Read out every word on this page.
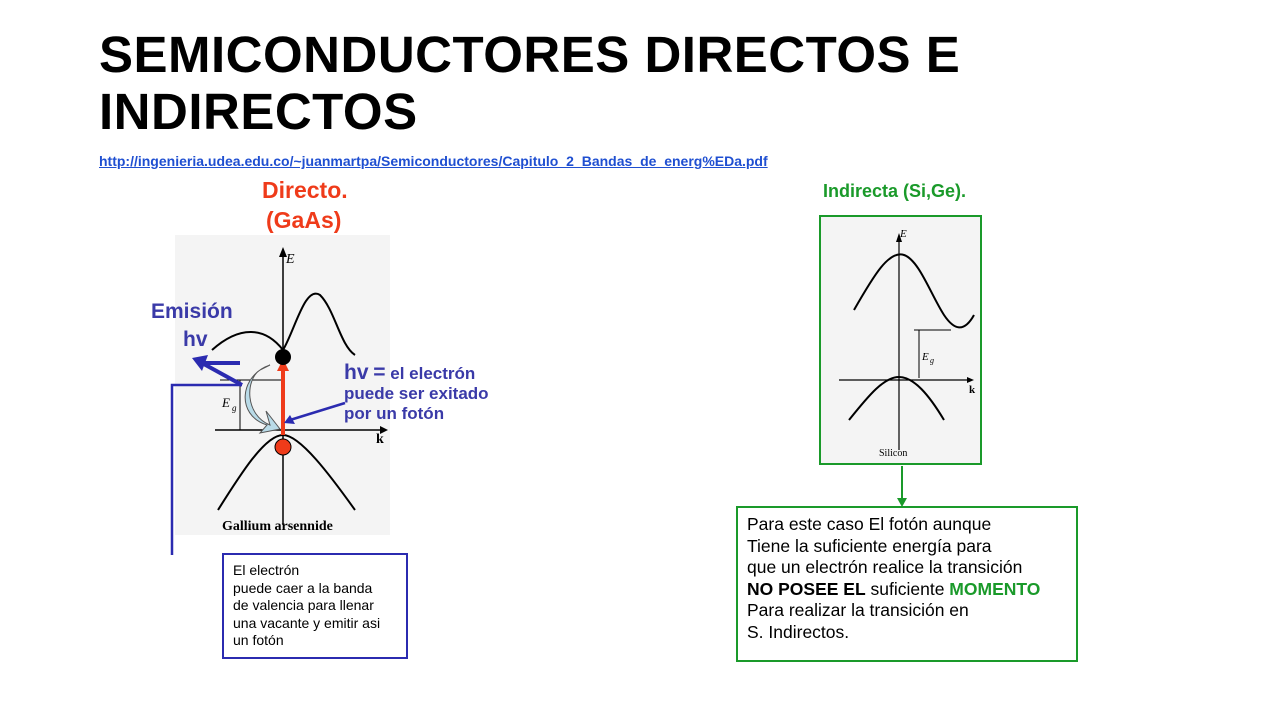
SEMICONDUCTORES DIRECTOS E INDIRECTOS
http://ingenieria.udea.edu.co/~juanmartpa/Semiconductores/Capitulo_2_Bandas_de_energ%EDa.pdf
Directo.
(GaAs)
E
k
E g
Gallium arsennide
Emisión
hv
hv = el electrón
puede ser exitado
por un fotón
El electrón
puede caer a la banda
de valencia para llenar
una vacante y emitir asi
un fotón
Indirecta (Si,Ge).
E
k
E g
Silicon
Para este caso El fotón aunque
Tiene la suficiente energía para
que un electrón realice la transición
NO POSEE EL suficiente MOMENTO
Para realizar la transición en
S. Indirectos.
